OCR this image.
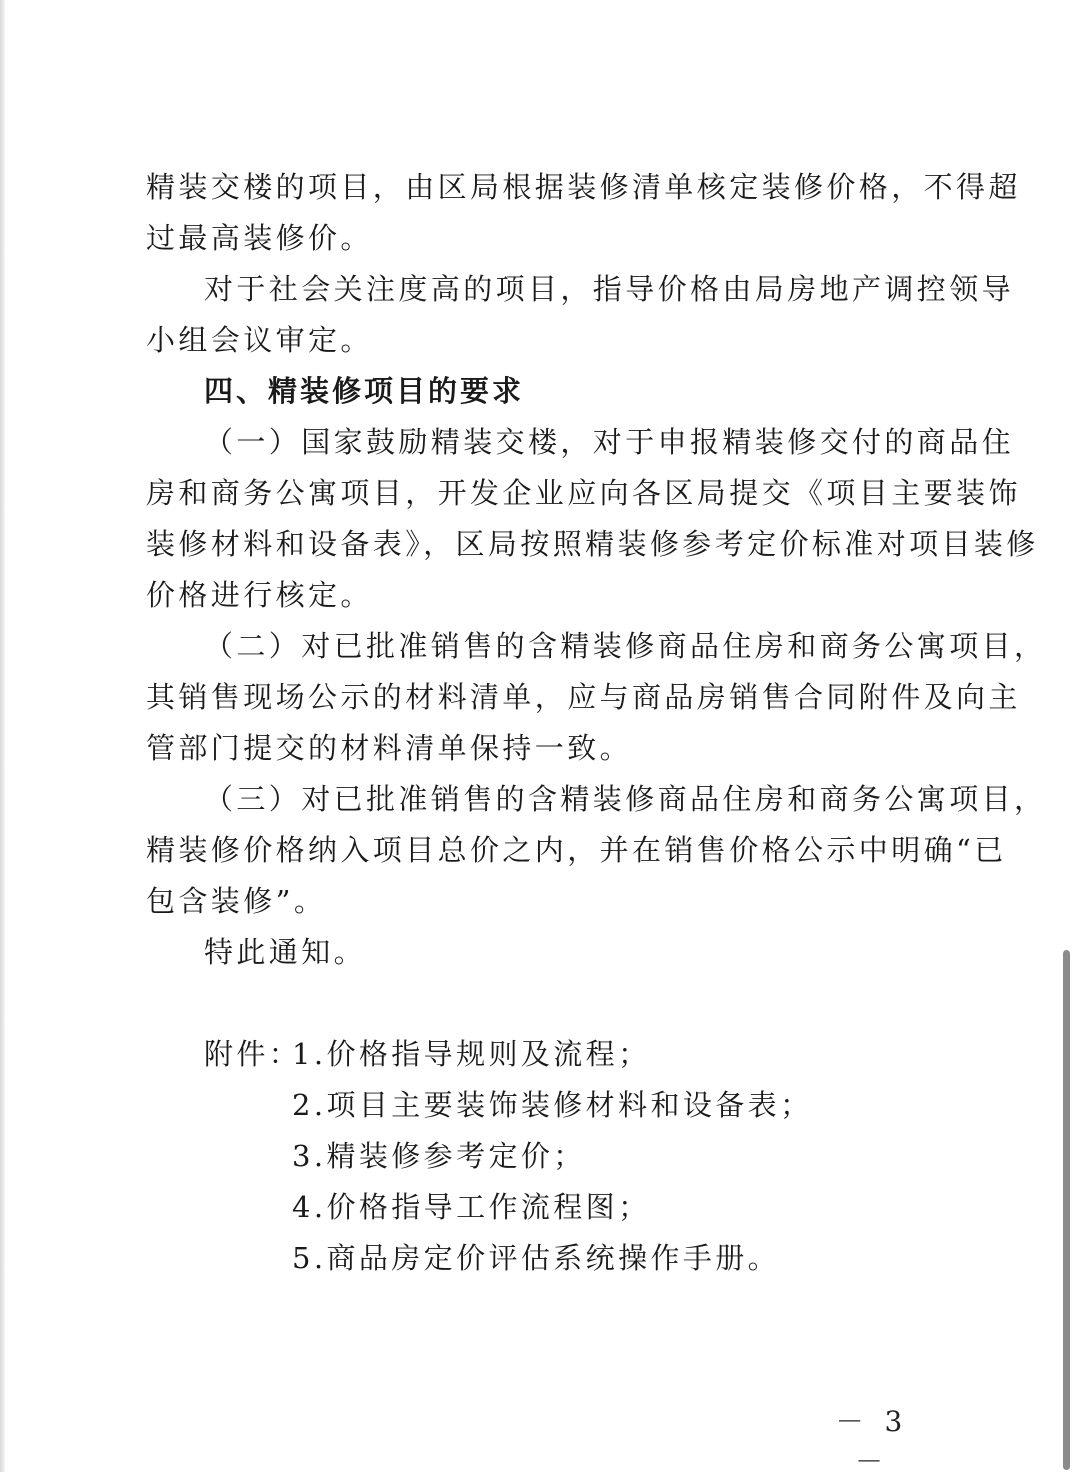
精装交楼的项目，由区局根据装修清单核定装修价格，不得超

过最高装修价。

对于社会关注度高的项目，指导价格由局房地产调控领导

小组会议审定。

四、精装修项目的要求

（一）国家鼓励精装交楼，对于申报精装修交付的商品住

房和商务公寓项目，开发企业应向各区局提交《项目主要装饰

装修材料和设备表》，区局按照精装修参考定价标准对项目装修

价格进行核定。

（二）对已批准销售的含精装修商品住房和商务公寓项目，

其销售现场公示的材料清单，应与商品房销售合同附件及向主

管部门提交的材料清单保持一致。

（三）对已批准销售的含精装修商品住房和商务公寓项目，

精装修价格纳入项目总价之内，并在销售价格公示中明确“已

包含装修”。

特此通知。

附件：
1.价格指导规则及流程；

2.项目主要装饰装修材料和设备表；

3.精装修参考定价；

4.价格指导工作流程图；

5.商品房定价评估系统操作手册。

－ 3 －
